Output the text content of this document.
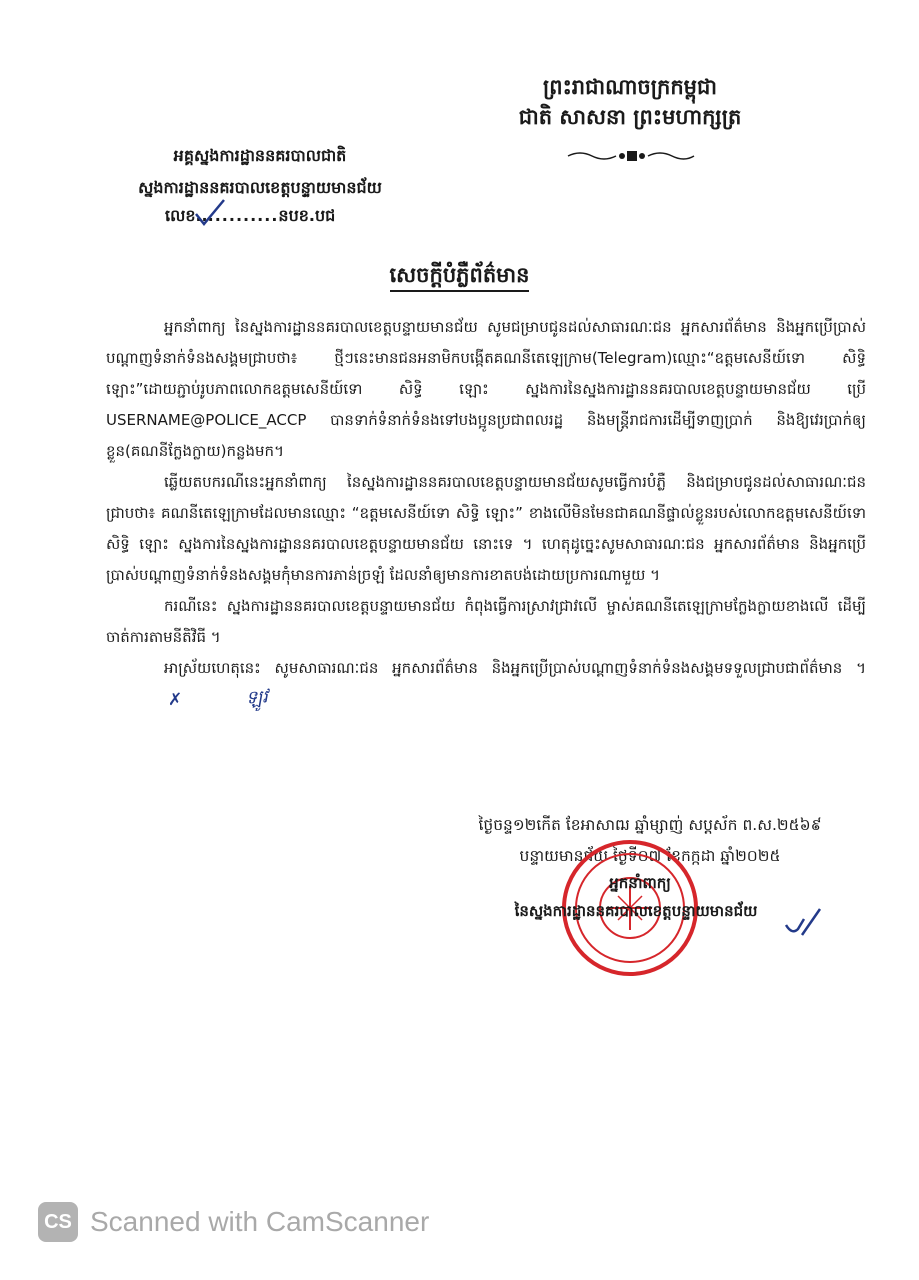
ព្រះរាជាណាចក្រកម្ពុជា
ជាតិ សាសនា ព្រះមហាក្សត្រ
អគ្គស្នងការដ្ឋាននគរបាលជាតិ
ស្នងការដ្ឋាននគរបាលខេត្តបន្ទាយមានជ័យ
លេខ............នបខ.បជ
សេចក្តីបំភ្លឺព័ត៌មាន

អ្នកនាំពាក្យ នៃស្នងការដ្ឋាននគរបាលខេត្តបន្ទាយមានជ័យ សូមជម្រាបជូនដល់សាធារណៈជន អ្នកសារព័ត៌មាន និងអ្នកប្រើប្រាស់បណ្តាញទំនាក់ទំនងសង្គមជ្រាបថា៖ ថ្មីៗនេះមានជនអនាមិកបង្កើតគណនីតេឡេក្រាម(Telegram)ឈ្មោះ“ឧត្តមសេនីយ៍ទោ សិទ្ធិ ឡោះ”ដោយភ្ជាប់រូបភាពលោកឧត្តមសេនីយ៍ទោ សិទ្ធិ ឡោះ ស្នងការនៃស្នងការដ្ឋាននគរបាលខេត្តបន្ទាយមានជ័យ ប្រើ USERNAME@POLICE_ACCP បានទាក់ទំនាក់ទំនងទៅបងប្អូនប្រជាពលរដ្ឋ និងមន្ត្រីរាជការដើម្បីទាញប្រាក់ និងឱ្យវេរប្រាក់ឲ្យខ្លួន(គណនីក្លែងក្លាយ)កន្លងមក។

ឆ្លើយតបករណីនេះអ្នកនាំពាក្យ នៃស្នងការដ្ឋាននគរបាលខេត្តបន្ទាយមានជ័យសូមធ្វើការបំភ្លឺ និងជម្រាបជូនដល់សាធារណៈជនជ្រាបថា៖ គណនីតេឡេក្រាមដែលមានឈ្មោះ “ឧត្តមសេនីយ៍ទោ សិទ្ធិ ឡោះ” ខាងលើមិនមែនជាគណនីផ្ទាល់ខ្លួនរបស់លោកឧត្តមសេនីយ៍ទោ សិទ្ធិ ឡោះ ស្នងការនៃស្នងការដ្ឋាននគរបាលខេត្តបន្ទាយមានជ័យ នោះទេ ។ ហេតុដូច្នេះសូមសាធារណៈជន អ្នកសារព័ត៌មាន និងអ្នកប្រើប្រាស់បណ្តាញទំនាក់ទំនងសង្គមកុំមានការភាន់ច្រឡំ ដែលនាំឲ្យមានការខាតបង់ដោយប្រការណាមួយ ។

ករណីនេះ ស្នងការដ្ឋាននគរបាលខេត្តបន្ទាយមានជ័យ កំពុងធ្វើការស្រាវជ្រាវលើ ម្ចាស់គណនីតេឡេក្រាមក្លែងក្លាយខាងលើ ដើម្បីចាត់ការតាមនីតិវិធី ។

អាស្រ័យហេតុនេះ សូមសាធារណៈជន អ្នកសារព័ត៌មាន និងអ្នកប្រើប្រាស់បណ្តាញទំនាក់ទំនងសង្គមទទួលជ្រាបជាព័ត៌មាន ។✗	ឡូវ

ថ្ងៃចន្ទ១២កើត ខែអាសាឍ ឆ្នាំម្សាញ់ សប្តស័ក ព.ស.២៥៦៩
បន្ទាយមានជ័យ ថ្ងៃទី០៧ ខែកក្កដា ឆ្នាំ២០២៥
អ្នកនាំពាក្យ
នៃស្នងការដ្ឋាននគរបាលខេត្តបន្ទាយមានជ័យ
CS Scanned with CamScanner
